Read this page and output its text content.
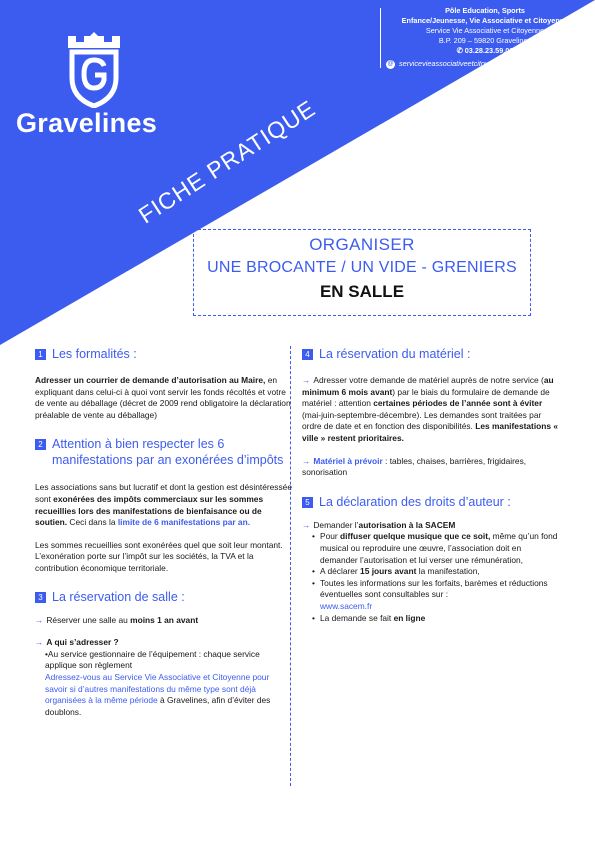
Gravelines
FICHE PRATIQUE
Pôle Education, Sports
Enfance/Jeunesse, Vie Associative et Citoyenne
Service Vie Associative et Citoyenne
B.P. 209 – 59820 Gravelines
✆ 03.28.23.59.06
@ servicevieassociativeetcitoyenne@ville-gravelines.fr
ORGANISER
UNE BROCANTE / UN VIDE - GRENIERS
EN SALLE
1 Les formalités :

Adresser un courrier de demande d’autorisation au Maire, en expliquant dans celui-ci à quoi vont servir les fonds récoltés et votre de vente au déballage (décret de 2009 rend obligatoire la déclaration préalable de vente au déballage)

2 Attention à bien respecter les 6 manifestations par an exonérées d’impôts

Les associations sans but lucratif et dont la gestion est désintéressée sont exonérées des impôts commerciaux sur les sommes recueillies lors des manifestations de bienfaisance ou de soutien. Ceci dans la limite de 6 manifestations par an.

Les sommes recueillies sont exonérées quel que soit leur montant. L’exonération porte sur l’impôt sur les sociétés, la TVA et la contribution économique territoriale.

3 La réservation de salle :

→ Réserver une salle au moins 1 an avant

→ A qui s’adresser ?

•Au service gestionnaire de l’équipement : chaque service applique son règlement

Adressez-vous au Service Vie Associative et Citoyenne pour savoir si d’autres manifestations du même type sont déjà organisées à la même période à Gravelines, afin d’éviter des doublons.

4 La réservation du matériel :

→ Adresser votre demande de matériel auprès de notre service (au minimum 6 mois avant) par le biais du formulaire de demande de matériel : attention certaines périodes de l’année sont à éviter (mai-juin-septembre-décembre). Les demandes sont traitées par ordre de date et en fonction des disponibilités. Les manifestations « ville » restent prioritaires.

→ Matériel à prévoir : tables, chaises, barrières, frigidaires, sonorisation

5 La déclaration des droits d’auteur :

→ Demander l’autorisation à la SACEM

• Pour diffuser quelque musique que ce soit, même qu’un fond musical ou reproduire une œuvre, l’association doit en demander l’autorisation et lui verser une rémunération,
• A déclarer 15 jours avant la manifestation,
• Toutes les informations sur les forfaits, barèmes et réductions éventuelles sont consultables sur :
www.sacem.fr
• La demande se fait en ligne
